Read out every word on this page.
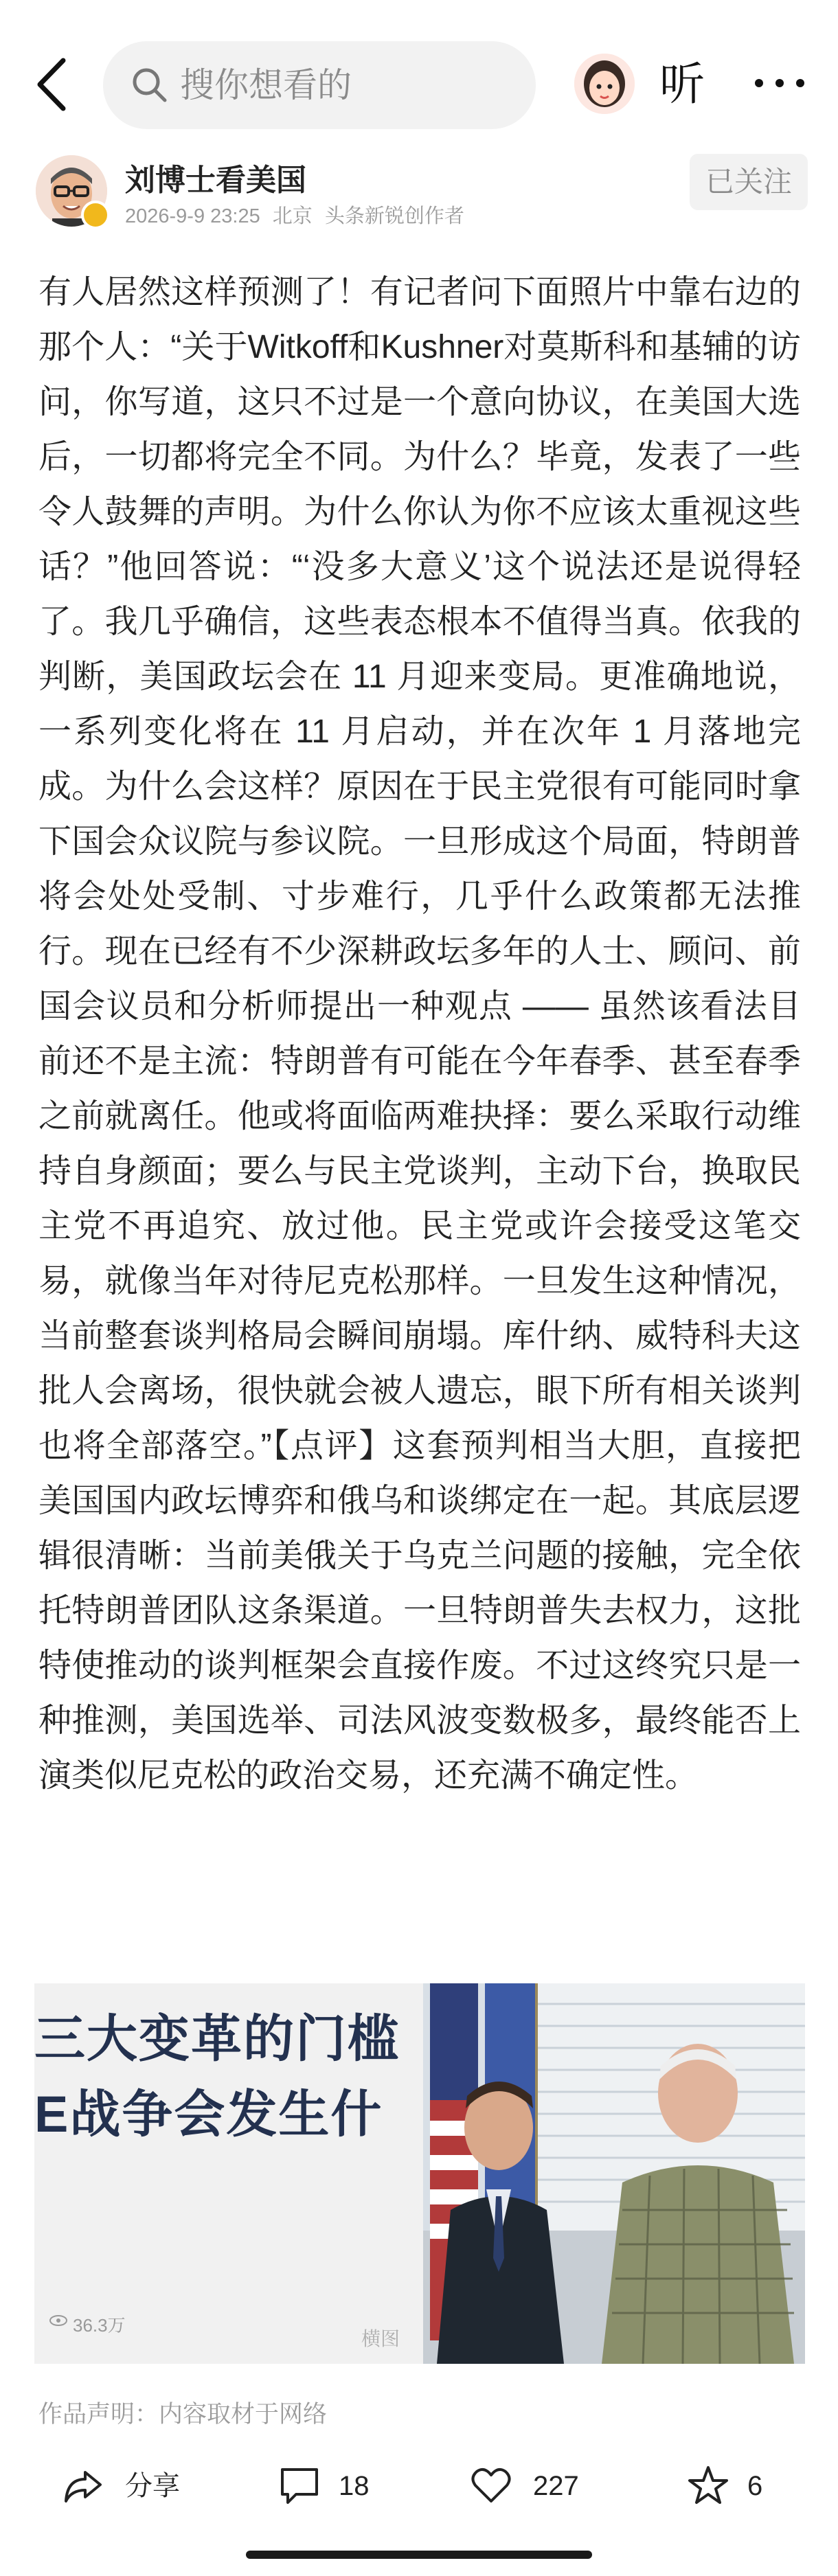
搜你想看的	听
刘博士看美国
2026-9-9 23:25 北京 头条新锐创作者
已关注

有人居然这样预测了！有记者问下面照片中靠右边的那个人：“关于Witkoff和Kushner对莫斯科和基辅的访问，你写道，这只不过是一个意向协议，在美国大选后，一切都将完全不同。为什么？毕竟，发表了一些令人鼓舞的声明。为什么你认为你不应该太重视这些话？”他回答说：“‘没多大意义’这个说法还是说得轻了。我几乎确信，这些表态根本不值得当真。依我的判断，美国政坛会在 11 月迎来变局。更准确地说，一系列变化将在 11 月启动，并在次年 1 月落地完成。为什么会这样？原因在于民主党很有可能同时拿下国会众议院与参议院。一旦形成这个局面，特朗普将会处处受制、寸步难行，几乎什么政策都无法推行。现在已经有不少深耕政坛多年的人士、顾问、前国会议员和分析师提出一种观点 —— 虽然该看法目前还不是主流：特朗普有可能在今年春季、甚至春季之前就离任。他或将面临两难抉择：要么采取行动维持自身颜面；要么与民主党谈判，主动下台，换取民主党不再追究、放过他。民主党或许会接受这笔交易，就像当年对待尼克松那样。一旦发生这种情况，当前整套谈判格局会瞬间崩塌。库什纳、威特科夫这批人会离场，很快就会被人遗忘，眼下所有相关谈判也将全部落空。”【点评】这套预判相当大胆，直接把美国国内政坛博弈和俄乌和谈绑定在一起。其底层逻辑很清晰：当前美俄关于乌克兰问题的接触，完全依托特朗普团队这条渠道。一旦特朗普失去权力，这批特使推动的谈判框架会直接作废。不过这终究只是一种推测，美国选举、司法风波变数极多，最终能否上演类似尼克松的政治交易，还充满不确定性。

三大变革的门槛
E战争会发生什
36.3万
横图
作品声明：内容取材于网络
分享	18	227	6
